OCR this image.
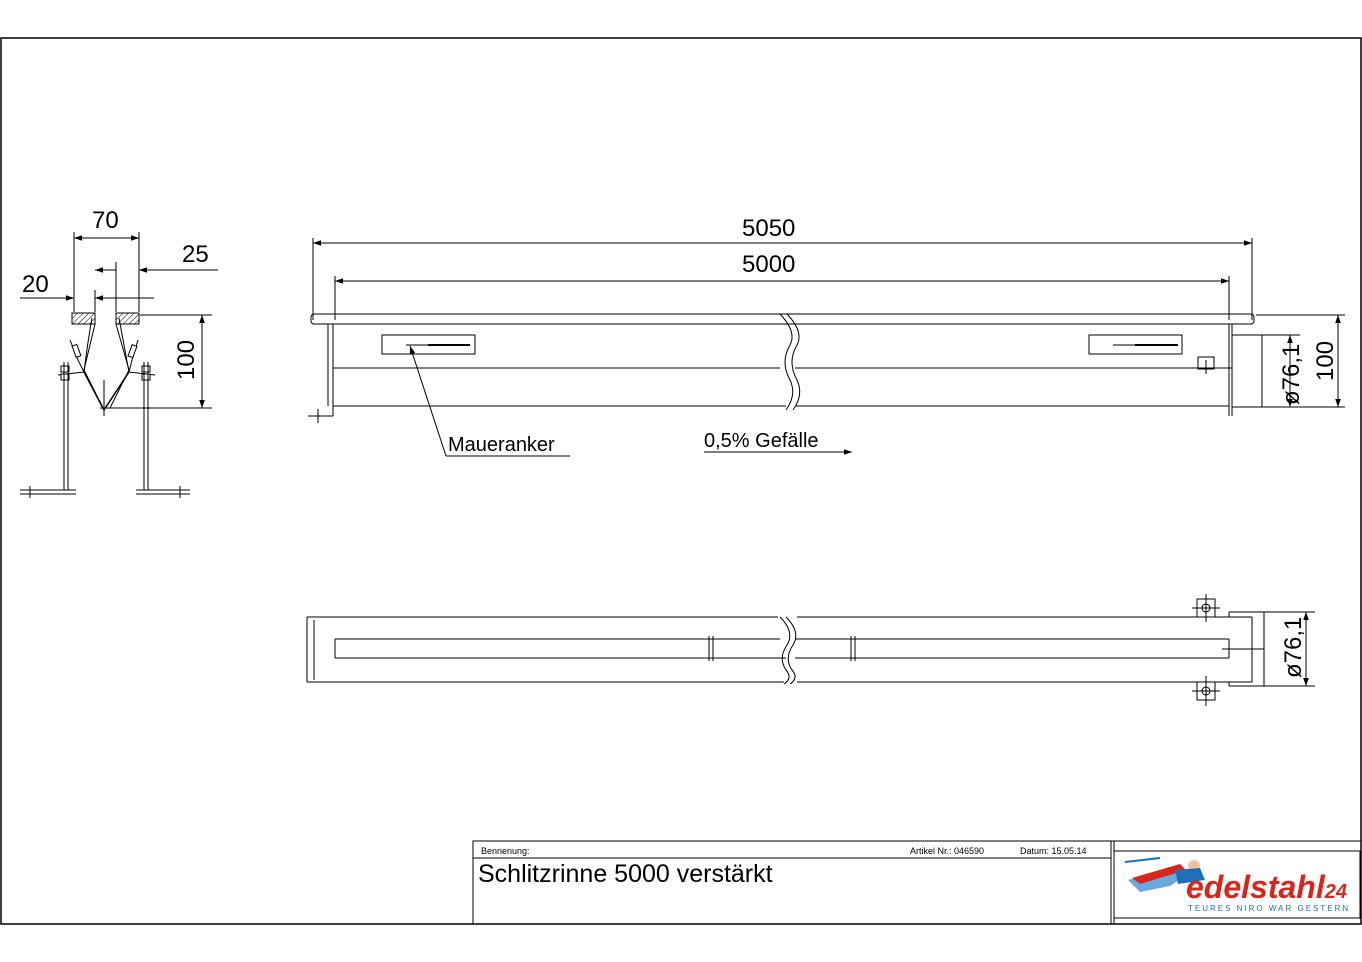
70
25
20
100
5050
5000
ø76,1 100
Maueranker	0,5% Gefälle
ø76,1
Bennenung:	Artikel Nr.: 046590	Datum: 15.05.14
Schlitzrinne 5000 verstärkt	edelstahl24
TEURES NIRO WAR GESTERN
